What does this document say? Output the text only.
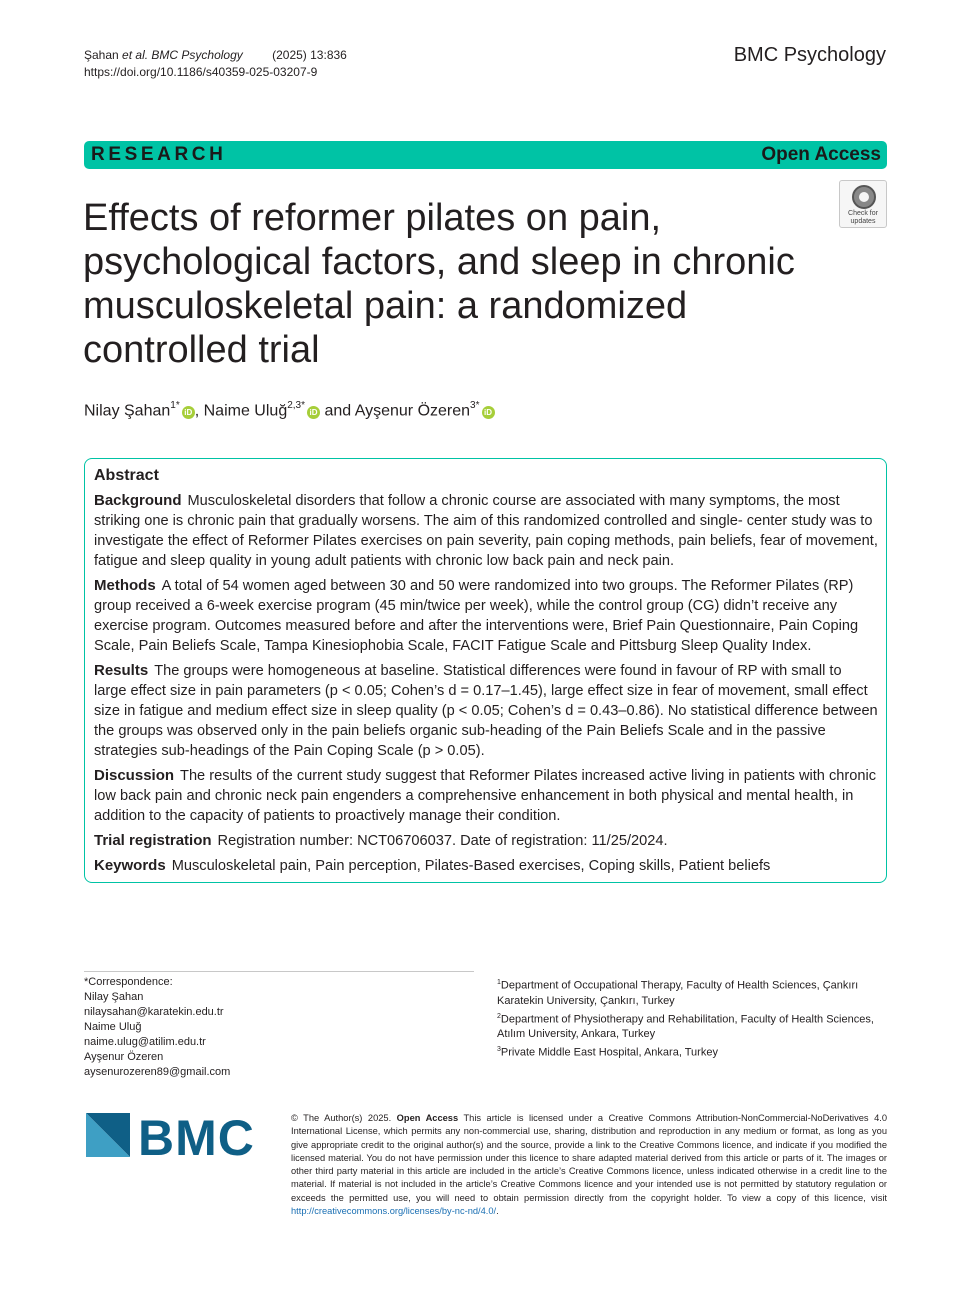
Şahan et al. BMC Psychology (2025) 13:836
https://doi.org/10.1186/s40359-025-03207-9
BMC Psychology
RESEARCH	Open Access
Effects of reformer pilates on pain, psychological factors, and sleep in chronic musculoskeletal pain: a randomized controlled trial
Check for updates
Nilay Şahan$^{1*}$iD , Naime Uluğ$^{2,3*}$iD and Ayşenur Özeren$^{3*}$iD
Abstract
Background Musculoskeletal disorders that follow a chronic course are associated with many symptoms, the most striking one is chronic pain that gradually worsens. The aim of this randomized controlled and single- center study was to investigate the effect of Reformer Pilates exercises on pain severity, pain coping methods, pain beliefs, fear of movement, fatigue and sleep quality in young adult patients with chronic low back pain and neck pain.
Methods A total of 54 women aged between 30 and 50 were randomized into two groups. The Reformer Pilates (RP) group received a 6-week exercise program (45 min/twice per week), while the control group (CG) didn’t receive any exercise program. Outcomes measured before and after the interventions were, Brief Pain Questionnaire, Pain Coping Scale, Pain Beliefs Scale, Tampa Kinesiophobia Scale, FACIT Fatigue Scale and Pittsburg Sleep Quality Index.
Results The groups were homogeneous at baseline. Statistical differences were found in favour of RP with small to large effect size in pain parameters (p < 0.05; Cohen’s d = 0.17–1.45), large effect size in fear of movement, small effect size in fatigue and medium effect size in sleep quality (p < 0.05; Cohen’s d = 0.43–0.86). No statistical difference between the groups was observed only in the pain beliefs organic sub-heading of the Pain Beliefs Scale and in the passive strategies sub-headings of the Pain Coping Scale (p > 0.05).
Discussion The results of the current study suggest that Reformer Pilates increased active living in patients with chronic low back pain and chronic neck pain engenders a comprehensive enhancement in both physical and mental health, in addition to the capacity of patients to proactively manage their condition.
Trial registration Registration number: NCT06706037. Date of registration: 11/25/2024.
Keywords Musculoskeletal pain, Pain perception, Pilates-Based exercises, Coping skills, Patient beliefs
*Correspondence:
Nilay Şahan
nilaysahan@karatekin.edu.tr
Naime Uluğ
naime.ulug@atilim.edu.tr
Ayşenur Özeren
aysenurozeren89@gmail.com
$^1$Department of Occupational Therapy, Faculty of Health Sciences, Çankırı Karatekin University, Çankırı, Turkey
$^2$Department of Physiotherapy and Rehabilitation, Faculty of Health Sciences, Atılım University, Ankara, Turkey
$^3$Private Middle East Hospital, Ankara, Turkey
BMC	© The Author(s) 2025. Open Access This article is licensed under a Creative Commons Attribution-NonCommercial-NoDerivatives 4.0 International License, which permits any non-commercial use, sharing, distribution and reproduction in any medium or format, as long as you give appropriate credit to the original author(s) and the source, provide a link to the Creative Commons licence, and indicate if you modified the licensed material. You do not have permission under this licence to share adapted material derived from this article or parts of it. The images or other third party material in this article are included in the article’s Creative Commons licence, unless indicated otherwise in a credit line to the material. If material is not included in the article’s Creative Commons licence and your intended use is not permitted by statutory regulation or exceeds the permitted use, you will need to obtain permission directly from the copyright holder. To view a copy of this licence, visit http://creativecommons.org/licenses/by-nc-nd/4.0/.
